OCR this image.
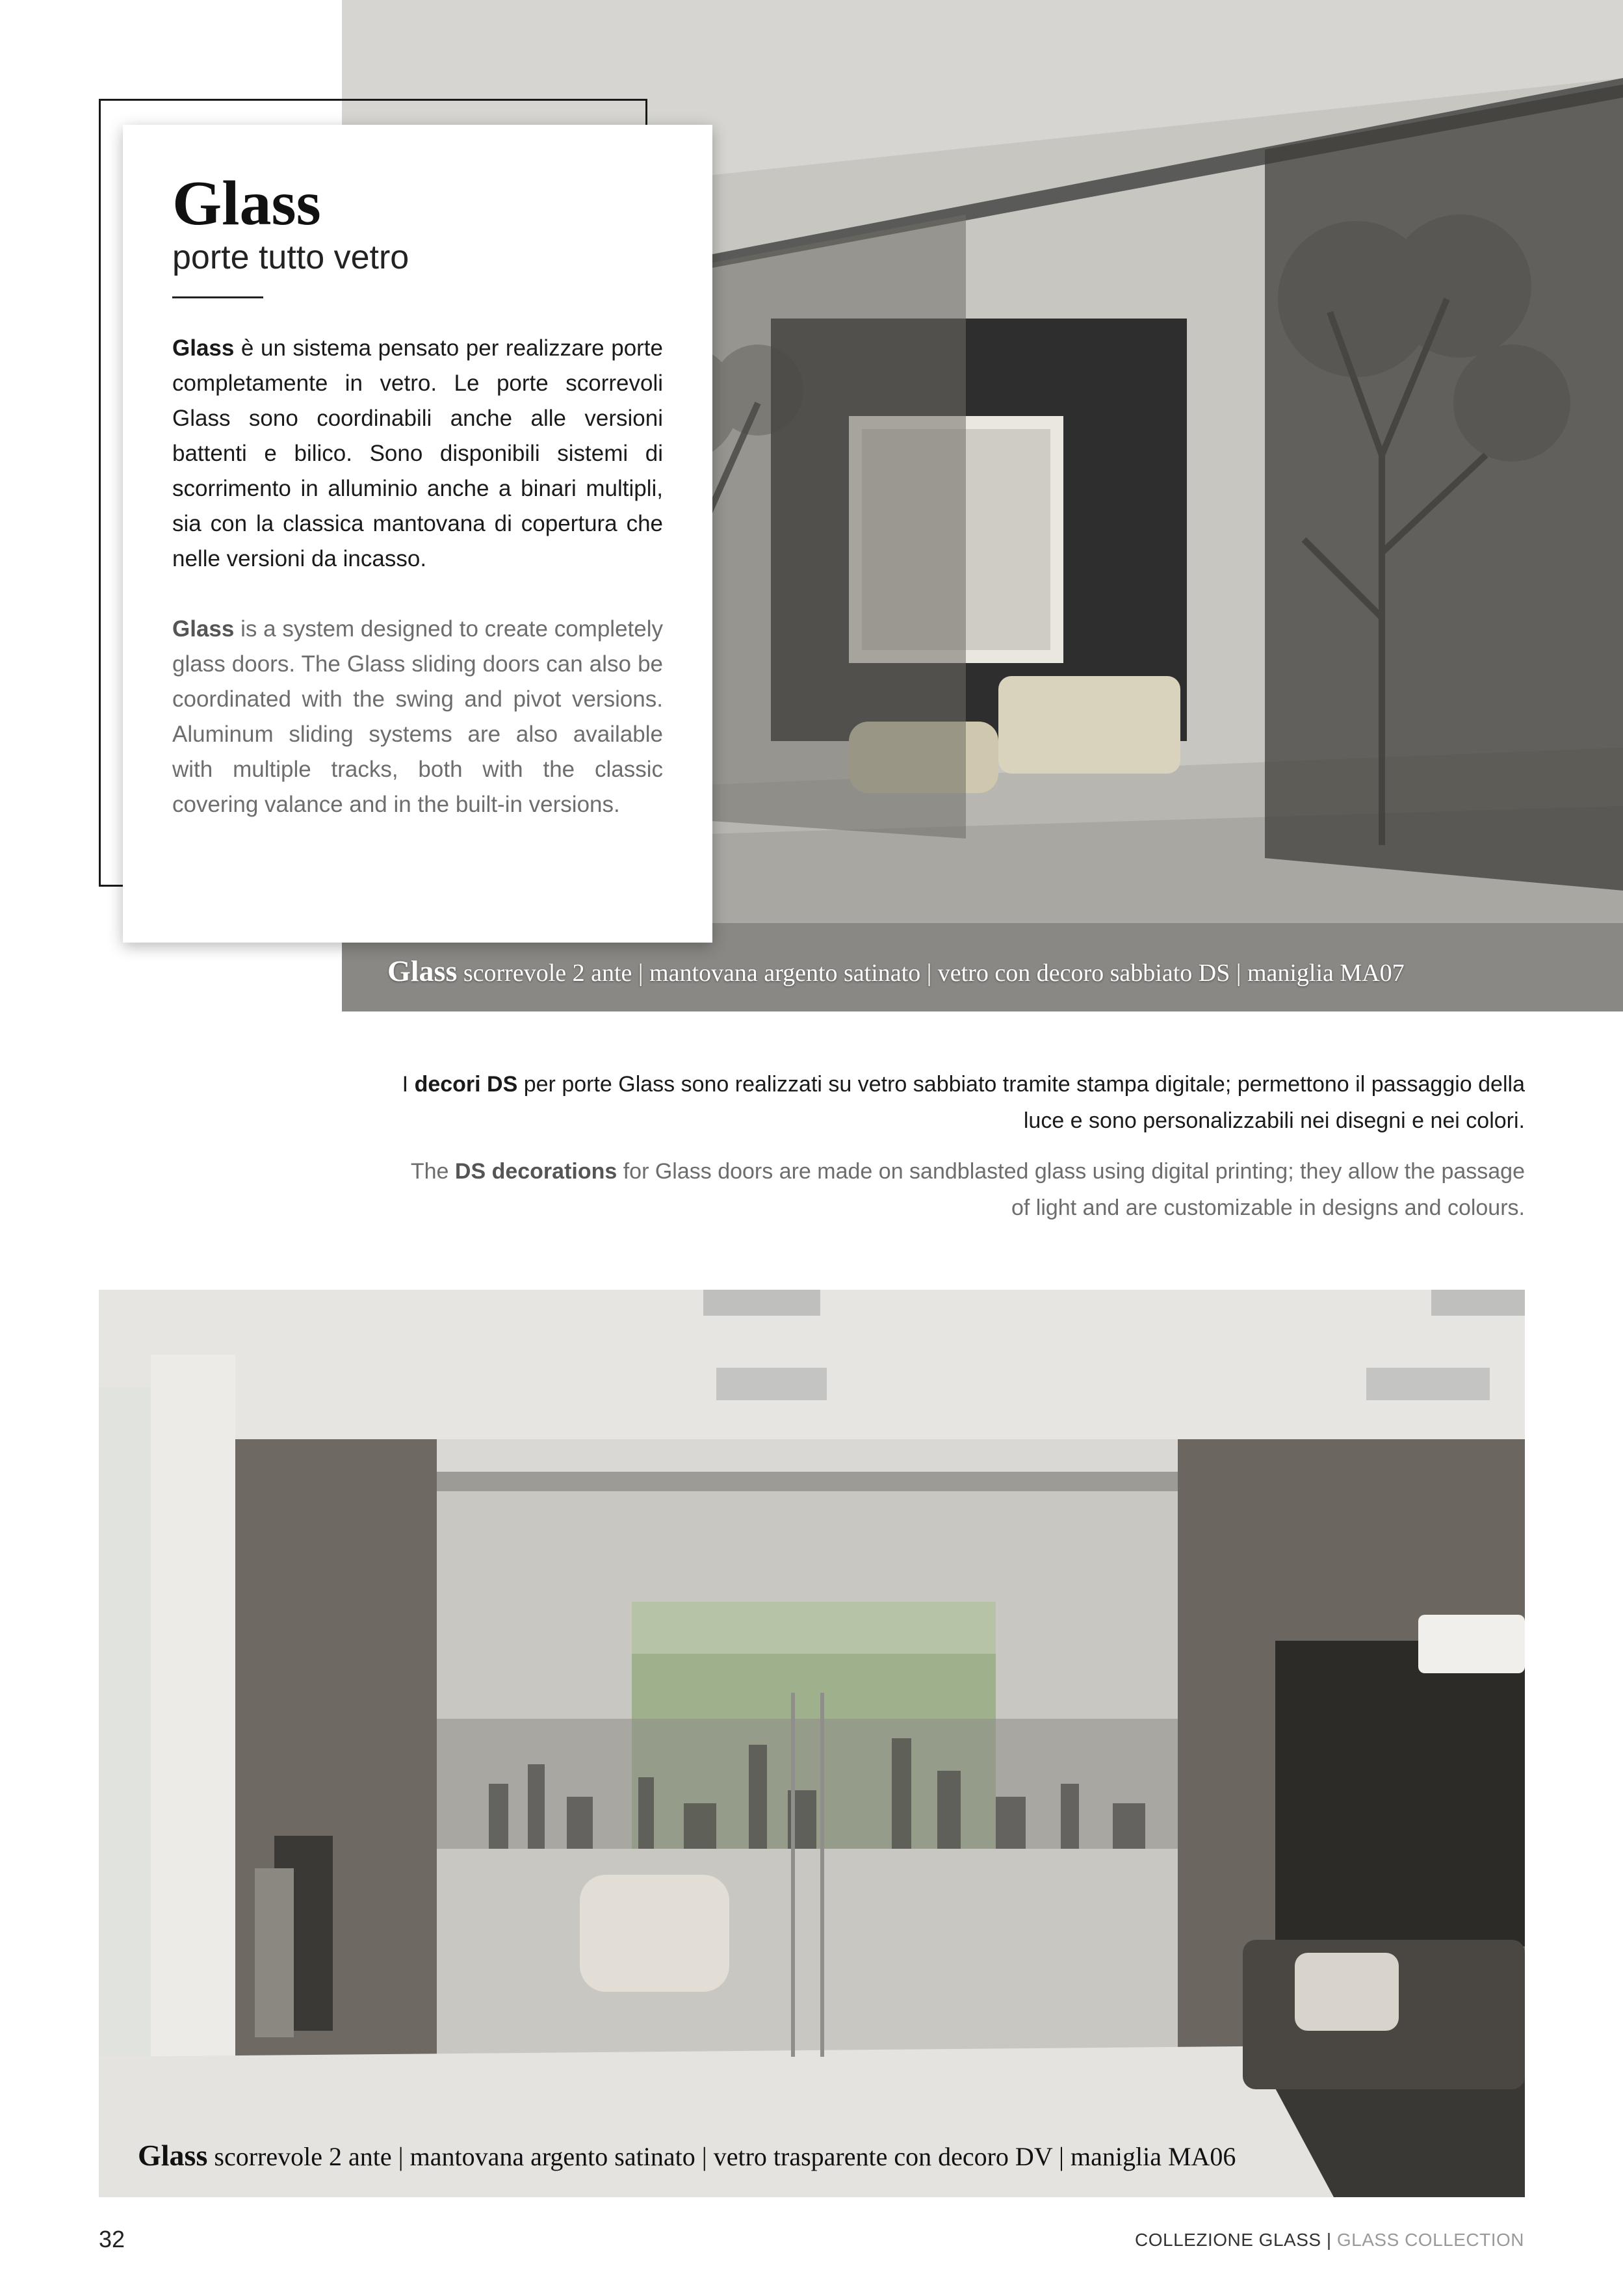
Glass scorrevole 2 ante | mantovana argento satinato | vetro con decoro sabbiato DS | maniglia MA07
Glass
porte tutto vetro

Glass è un sistema pensato per realizzare porte completamente in vetro. Le porte scorrevoli Glass sono coordinabili anche alle versioni battenti e bilico. Sono disponibili sistemi di scorrimento in alluminio anche a binari multipli, sia con la classica mantovana di copertura che nelle versioni da incasso.

Glass is a system designed to create completely glass doors. The Glass sliding doors can also be coordinated with the swing and pivot versions. Aluminum sliding systems are also available with multiple tracks, both with the classic covering valance and in the built-in versions.

I decori DS per porte Glass sono realizzati su vetro sabbiato tramite stampa digitale; permettono il passaggio della luce e sono personalizzabili nei disegni e nei colori.

The DS decorations for Glass doors are made on sandblasted glass using digital printing; they allow the passage of light and are customizable in designs and colours.

Glass scorrevole 2 ante | mantovana argento satinato | vetro trasparente con decoro DV | maniglia MA06
32	COLLEZIONE GLASS | GLASS COLLECTION
